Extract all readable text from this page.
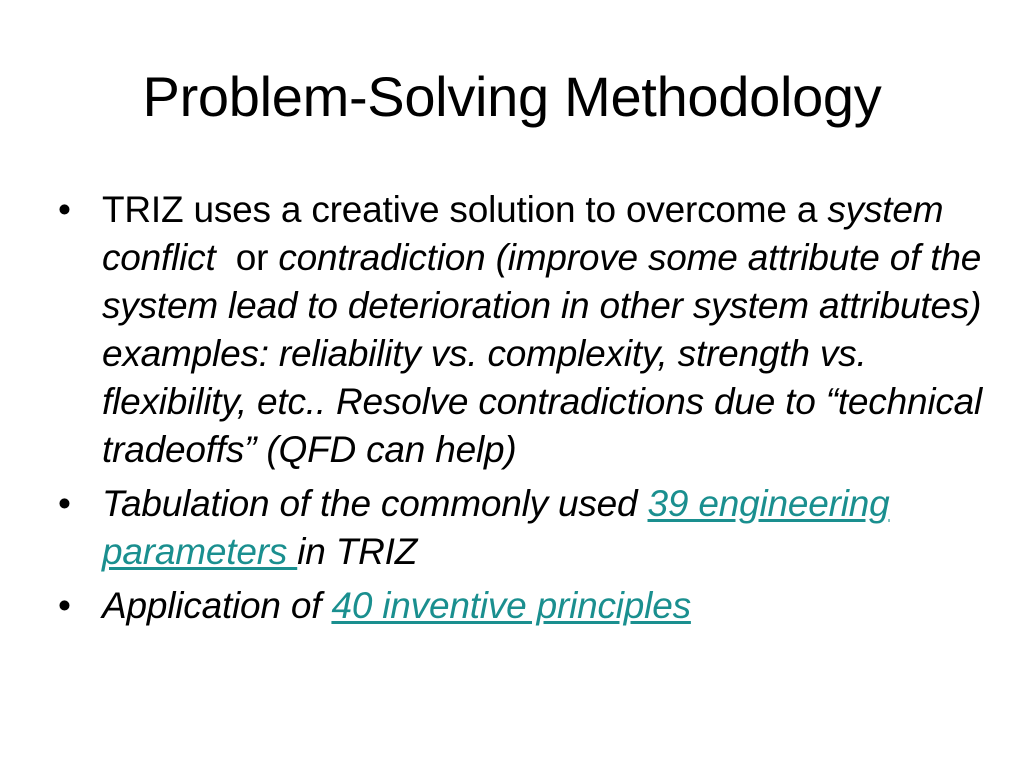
Problem-Solving Methodology
• TRIZ uses a creative solution to overcome a system conflict  or contradiction (improve some attribute of the system lead to deterioration in other system attributes) examples: reliability vs. complexity, strength vs. flexibility, etc.. Resolve contradictions due to “technical tradeoffs” (QFD can help)
• Tabulation of the commonly used 39 engineering parameters in TRIZ
• Application of 40 inventive principles
